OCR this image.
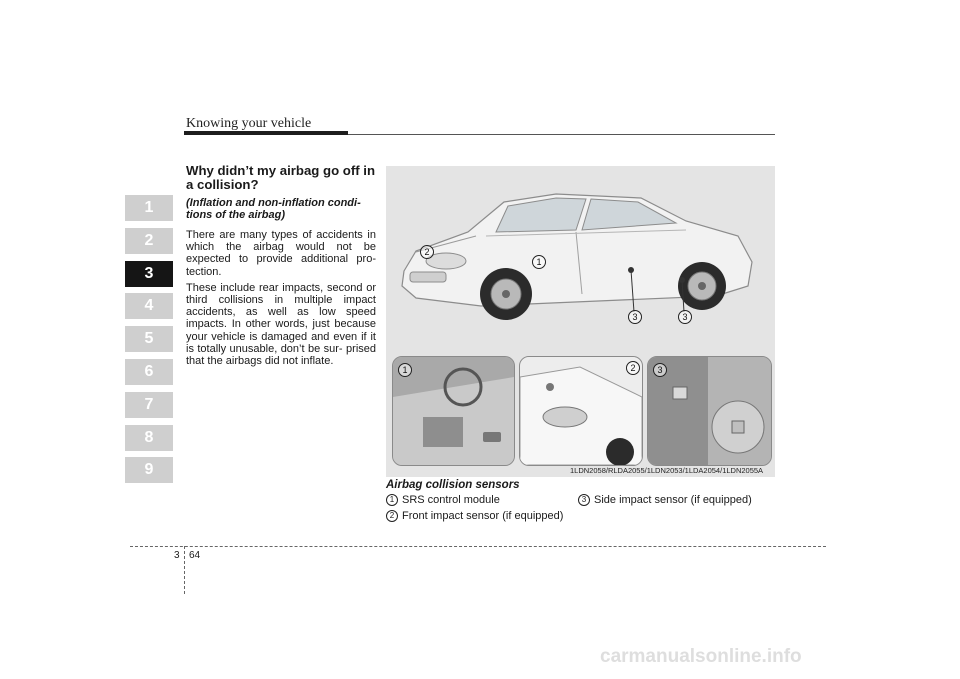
Knowing your vehicle
1
2
3
4
5
6
7
8
9

Why didn’t my airbag go off in a collision?

(Inflation and non-inflation condi- tions of the airbag)

There are many types of accidents in which the airbag would not be expected to provide additional pro- tection.

These include rear impacts, second or third collisions in multiple impact accidents, as well as low speed impacts. In other words, just because your vehicle is damaged and even if it is totally unusable, don’t be sur- prised that the airbags did not inflate.

1
2
3	3
1	2	3
1LDN2058/RLDA2055/1LDN2053/1LDA2054/1LDN2055A
Airbag collision sensors
1 SRS control module
2 Front impact sensor (if equipped)
3 Side impact sensor (if equipped)
3 64
carmanualsonline.info
